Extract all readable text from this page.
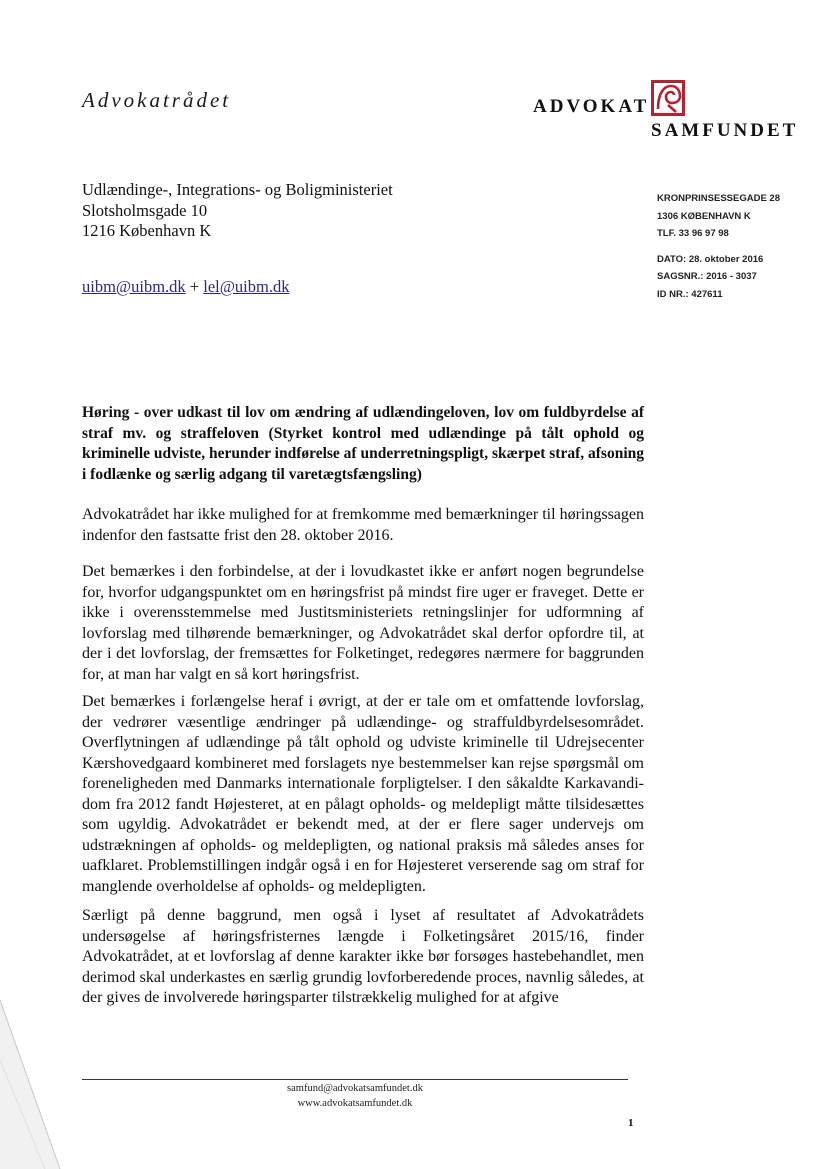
Advokatrådet	ADVOKAT
SAMFUNDET
Udlændinge-, Integrations- og Boligministeriet
Slotsholmsgade 10
1216 København K
KRONPRINSESSEGADE 28
1306 KØBENHAVN K
TLF. 33 96 97 98
DATO: 28. oktober 2016
SAGSNR.: 2016 - 3037
ID NR.: 427611
uibm@uibm.dk + lel@uibm.dk
Høring - over udkast til lov om ændring af udlændingeloven, lov om fuldbyrdelse af straf mv. og straffeloven (Styrket kontrol med udlændinge på tålt ophold og kriminelle udviste, herunder indførelse af underretningspligt, skærpet straf, afsoning i fodlænke og særlig adgang til varetægtsfængsling)
Advokatrådet har ikke mulighed for at fremkomme med bemærkninger til høringssagen indenfor den fastsatte frist den 28. oktober 2016.
Det bemærkes i den forbindelse, at der i lovudkastet ikke er anført nogen begrundelse for, hvorfor udgangspunktet om en høringsfrist på mindst fire uger er fraveget. Dette er ikke i overensstemmelse med Justitsministeriets retningslinjer for udformning af lovforslag med tilhørende bemærkninger, og Advokatrådet skal derfor opfordre til, at der i det lovforslag, der fremsættes for Folketinget, redegøres nærmere for baggrunden for, at man har valgt en så kort høringsfrist.
Det bemærkes i forlængelse heraf i øvrigt, at der er tale om et omfattende lovforslag, der vedrører væsentlige ændringer på udlændinge- og straffuldbyrdelsesområdet. Overflytningen af udlændinge på tålt ophold og udviste kriminelle til Udrejsecenter Kærshovedgaard kombineret med forslagets nye bestemmelser kan rejse spørgsmål om foreneligheden med Danmarks internationale forpligtelser. I den såkaldte Karkavandi-dom fra 2012 fandt Højesteret, at en pålagt opholds- og meldepligt måtte tilsidesættes som ugyldig. Advokatrådet er bekendt med, at der er flere sager undervejs om udstrækningen af opholds- og meldepligten, og national praksis må således anses for uafklaret. Problemstillingen indgår også i en for Højesteret verserende sag om straf for manglende overholdelse af opholds- og meldepligten.
Særligt på denne baggrund, men også i lyset af resultatet af Advokatrådets undersøgelse af høringsfristernes længde i Folketingsåret 2015/16, finder Advokatrådet, at et lovforslag af denne karakter ikke bør forsøges hastebehandlet, men derimod skal underkastes en særlig grundig lovforberedende proces, navnlig således, at der gives de involverede høringsparter tilstrækkelig mulighed for at afgive
samfund@advokatsamfundet.dk
www.advokatsamfundet.dk
1
